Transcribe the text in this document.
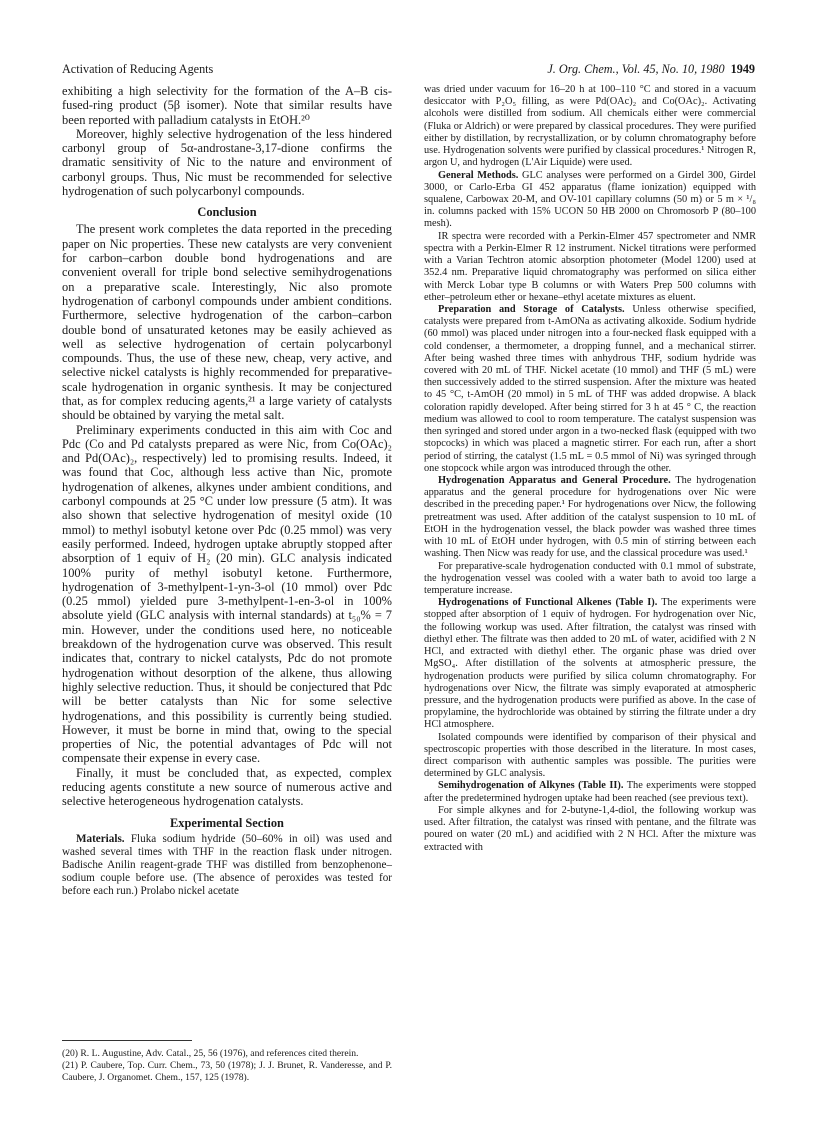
Activation of Reducing Agents	J. Org. Chem., Vol. 45, No. 10, 1980 1949

exhibiting a high selectivity for the formation of the A–B cis-fused-ring product (5β isomer). Note that similar results have been reported with palladium catalysts in EtOH.²⁰

Moreover, highly selective hydrogenation of the less hindered carbonyl group of 5α-androstane-3,17-dione confirms the dramatic sensitivity of Nic to the nature and environment of carbonyl groups. Thus, Nic must be recommended for selective hydrogenation of such polycarbonyl compounds.

Conclusion

The present work completes the data reported in the preceding paper on Nic properties. These new catalysts are very convenient for carbon–carbon double bond hydrogenations and are convenient overall for triple bond selective semihydrogenations on a preparative scale. Interestingly, Nic also promote hydrogenation of carbonyl compounds under ambient conditions. Furthermore, selective hydrogenation of the carbon–carbon double bond of unsaturated ketones may be easily achieved as well as selective hydrogenation of certain polycarbonyl compounds. Thus, the use of these new, cheap, very active, and selective nickel catalysts is highly recommended for preparative-scale hydrogenation in organic synthesis. It may be conjectured that, as for complex reducing agents,²¹ a large variety of catalysts should be obtained by varying the metal salt.

Preliminary experiments conducted in this aim with Coc and Pdc (Co and Pd catalysts prepared as were Nic, from Co(OAc)₂ and Pd(OAc)₂, respectively) led to promising results. Indeed, it was found that Coc, although less active than Nic, promote hydrogenation of alkenes, alkynes under ambient conditions, and carbonyl compounds at 25 °C under low pressure (5 atm). It was also shown that selective hydrogenation of mesityl oxide (10 mmol) to methyl isobutyl ketone over Pdc (0.25 mmol) was very easily performed. Indeed, hydrogen uptake abruptly stopped after absorption of 1 equiv of H₂ (20 min). GLC analysis indicated 100% purity of methyl isobutyl ketone. Furthermore, hydrogenation of 3-methylpent-1-yn-3-ol (10 mmol) over Pdc (0.25 mmol) yielded pure 3-methylpent-1-en-3-ol in 100% absolute yield (GLC analysis with internal standards) at t₅₀% = 7 min. However, under the conditions used here, no noticeable breakdown of the hydrogenation curve was observed. This result indicates that, contrary to nickel catalysts, Pdc do not promote hydrogenation without desorption of the alkene, thus allowing highly selective reduction. Thus, it should be conjectured that Pdc will be better catalysts than Nic for some selective hydrogenations, and this possibility is currently being studied. However, it must be borne in mind that, owing to the special properties of Nic, the potential advantages of Pdc will not compensate their expense in every case.

Finally, it must be concluded that, as expected, complex reducing agents constitute a new source of numerous active and selective heterogeneous hydrogenation catalysts.

Experimental Section

Materials. Fluka sodium hydride (50–60% in oil) was used and washed several times with THF in the reaction flask under nitrogen. Badische Anilin reagent-grade THF was distilled from benzophenone–sodium couple before use. (The absence of peroxides was tested for before each run.) Prolabo nickel acetate

(20) R. L. Augustine, Adv. Catal., 25, 56 (1976), and references cited therein.

(21) P. Caubere, Top. Curr. Chem., 73, 50 (1978); J. J. Brunet, R. Vanderesse, and P. Caubere, J. Organomet. Chem., 157, 125 (1978).

was dried under vacuum for 16–20 h at 100–110 °C and stored in a vacuum desiccator with P₂O₅ filling, as were Pd(OAc)₂ and Co(OAc)₂. Activating alcohols were distilled from sodium. All chemicals either were commercial (Fluka or Aldrich) or were prepared by classical procedures. They were purified either by distillation, by recrystallization, or by column chromatography before use. Hydrogenation solvents were purified by classical procedures.¹ Nitrogen R, argon U, and hydrogen (L'Air Liquide) were used.

General Methods. GLC analyses were performed on a Girdel 300, Girdel 3000, or Carlo-Erba GI 452 apparatus (flame ionization) equipped with squalene, Carbowax 20-M, and OV-101 capillary columns (50 m) or 5 m × ¹/₈ in. columns packed with 15% UCON 50 HB 2000 on Chromosorb P (80–100 mesh).

IR spectra were recorded with a Perkin-Elmer 457 spectrometer and NMR spectra with a Perkin-Elmer R 12 instrument. Nickel titrations were performed with a Varian Techtron atomic absorption photometer (Model 1200) used at 352.4 nm. Preparative liquid chromatography was performed on silica either with Merck Lobar type B columns or with Waters Prep 500 columns with ether–petroleum ether or hexane–ethyl acetate mixtures as eluent.

Preparation and Storage of Catalysts. Unless otherwise specified, catalysts were prepared from t-AmONa as activating alkoxide. Sodium hydride (60 mmol) was placed under nitrogen into a four-necked flask equipped with a cold condenser, a thermometer, a dropping funnel, and a mechanical stirrer. After being washed three times with anhydrous THF, sodium hydride was covered with 20 mL of THF. Nickel acetate (10 mmol) and THF (5 mL) were then successively added to the stirred suspension. After the mixture was heated to 45 °C, t-AmOH (20 mmol) in 5 mL of THF was added dropwise. A black coloration rapidly developed. After being stirred for 3 h at 45 ° C, the reaction medium was allowed to cool to room temperature. The catalyst suspension was then syringed and stored under argon in a two-necked flask (equipped with two stopcocks) in which was placed a magnetic stirrer. For each run, after a short period of stirring, the catalyst (1.5 mL = 0.5 mmol of Ni) was syringed through one stopcock while argon was introduced through the other.

Hydrogenation Apparatus and General Procedure. The hydrogenation apparatus and the general procedure for hydrogenations over Nic were described in the preceding paper.¹ For hydrogenations over Nicw, the following pretreatment was used. After addition of the catalyst suspension to 10 mL of EtOH in the hydrogenation vessel, the black powder was washed three times with 10 mL of EtOH under hydrogen, with 0.5 min of stirring between each washing. Then Nicw was ready for use, and the classical procedure was used.¹

For preparative-scale hydrogenation conducted with 0.1 mmol of substrate, the hydrogenation vessel was cooled with a water bath to avoid too large a temperature increase.

Hydrogenations of Functional Alkenes (Table I). The experiments were stopped after absorption of 1 equiv of hydrogen. For hydrogenation over Nic, the following workup was used. After filtration, the catalyst was rinsed with diethyl ether. The filtrate was then added to 20 mL of water, acidified with 2 N HCl, and extracted with diethyl ether. The organic phase was dried over MgSO₄. After distillation of the solvents at atmospheric pressure, the hydrogenation products were purified by silica column chromatography. For hydrogenations over Nicw, the filtrate was simply evaporated at atmospheric pressure, and the hydrogenation products were purified as above. In the case of propylamine, the hydrochloride was obtained by stirring the filtrate under a dry HCl atmosphere.

Isolated compounds were identified by comparison of their physical and spectroscopic properties with those described in the literature. In most cases, direct comparison with authentic samples was possible. The purities were determined by GLC analysis.

Semihydrogenation of Alkynes (Table II). The experiments were stopped after the predetermined hydrogen uptake had been reached (see previous text).

For simple alkynes and for 2-butyne-1,4-diol, the following workup was used. After filtration, the catalyst was rinsed with pentane, and the filtrate was poured on water (20 mL) and acidified with 2 N HCl. After the mixture was extracted with
